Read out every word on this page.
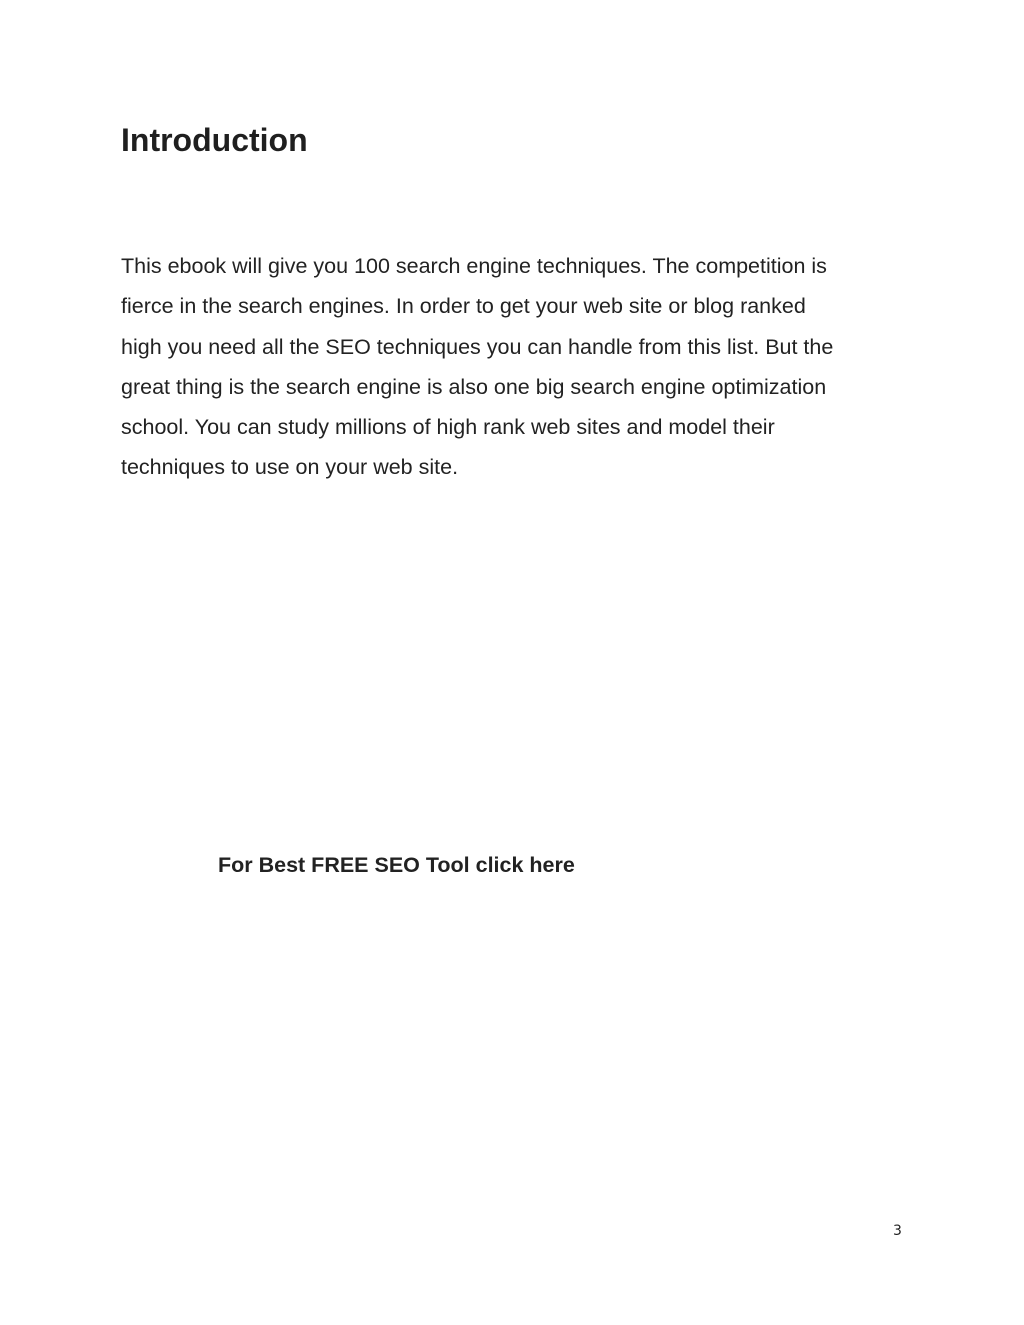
Introduction

This ebook will give you 100 search engine techniques. The competition is
fierce in the search engines. In order to get your web site or blog ranked
high you need all the SEO techniques you can handle from this list. But the
great thing is the search engine is also one big search engine optimization
school. You can study millions of high rank web sites and model their
techniques to use on your web site.

For Best FREE SEO Tool click here
3
